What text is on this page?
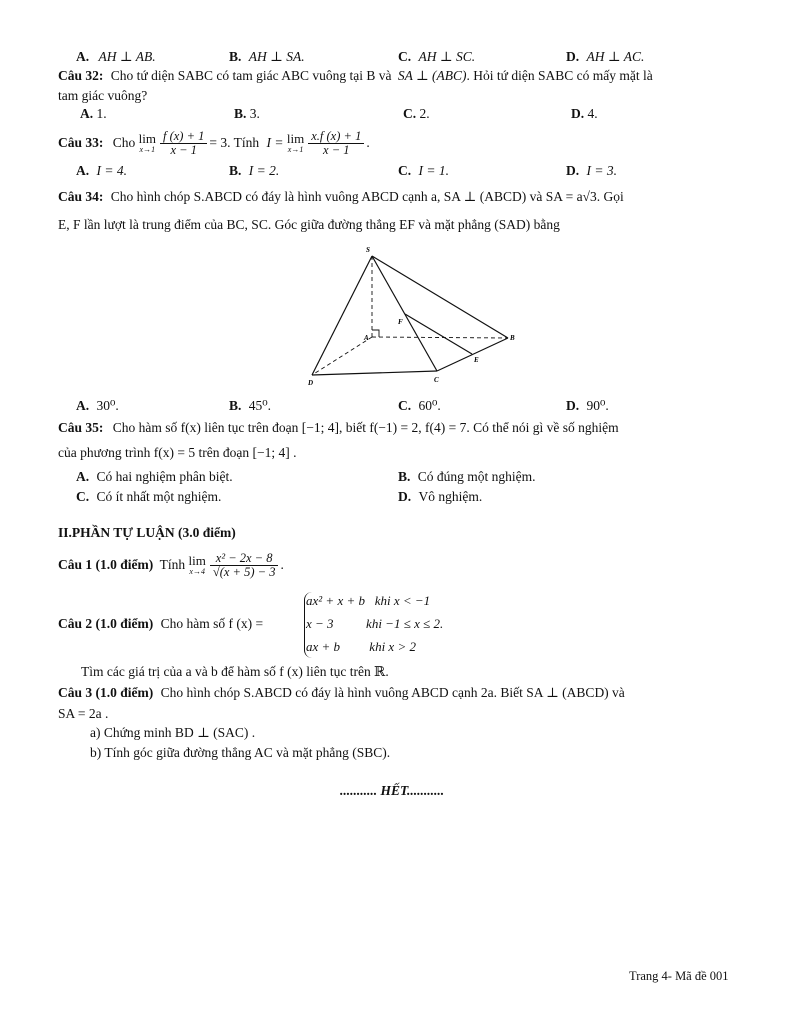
A. AH ⊥ AB.	B. AH ⊥ SA.	C. AH ⊥ SC.	D. AH ⊥ AC.
Câu 32: Cho tứ diện SABC có tam giác ABC vuông tại B và SA ⊥ (ABC). Hỏi tứ diện SABC có mấy mặt là
tam giác vuông?
A. 1.	B. 3.	C. 2.	D. 4.
Câu 33: Cho lim
$x\to 1 \frac{f (x) + 1}{x - 1} = 3$. Tính I = lim
$x\to 1 \frac{x.f (x) + 1}{x - 1}$ .
A. I = 4.	B. I = 2.	C. I = 1.	D. I = 3.
Câu 34: Cho hình chóp S.ABCD có đáy là hình vuông ABCD cạnh a, SA ⊥ (ABCD) và SA = a√3. Gọi
E, F lần lượt là trung điểm của BC, SC. Góc giữa đường thẳng EF và mặt phẳng (SAD) bằng
S
F
A	B
E
D	C
A. 30⁰.	B. 45⁰.	C. 60⁰.	D. 90⁰.
Câu 35: Cho hàm số f(x) liên tục trên đoạn [−1; 4], biết f(−1) = 2, f(4) = 7. Có thể nói gì về số nghiệm
của phương trình f(x) = 5 trên đoạn [−1; 4] .
A. Có hai nghiệm phân biệt.	B. Có đúng một nghiệm.
C. Có ít nhất một nghiệm.	D. Vô nghiệm.
II.PHẦN TỰ LUẬN (3.0 điểm)
Câu 1 (1.0 điểm) Tính lim
$x\to 4 \frac{\text{x² − 2x − 8}}{√(x + 5) - 3}$ .
Câu 2 (1.0 điểm) Cho hàm số f (x) =
ax² + x + b   khi x < −1
x − 3          khi −1 ≤ x ≤ 2.
ax + b         khi x > 2
Tìm các giá trị của a và b để hàm số f (x) liên tục trên ℝ.
Câu 3 (1.0 điểm) Cho hình chóp S.ABCD có đáy là hình vuông ABCD cạnh 2a. Biết SA ⊥ (ABCD) và
SA = 2a .
a) Chứng minh BD ⊥ (SAC) .
b) Tính góc giữa đường thẳng AC và mặt phẳng (SBC).
........... HẾT...........
Trang 4- Mã đề 001
